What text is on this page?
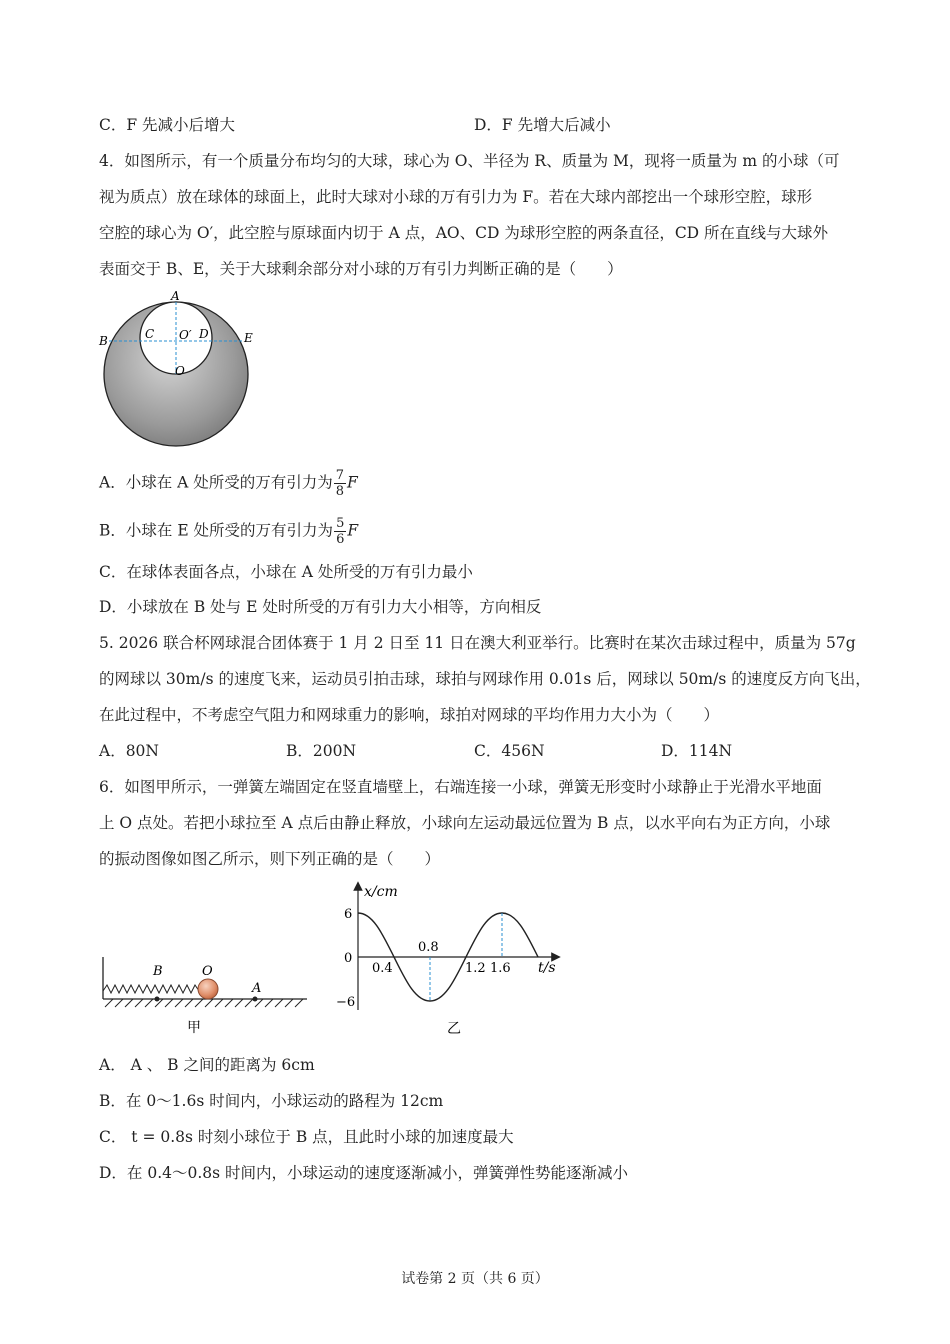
C．F 先减小后增大	D．F 先增大后减小
4．如图所示，有一个质量分布均匀的大球，球心为 O、半径为 R、质量为 M，现将一质量为 m 的小球（可
视为质点）放在球体的球面上，此时大球对小球的万有引力为 F。若在大球内部挖出一个球形空腔，球形
空腔的球心为 O′，此空腔与原球面内切于 A 点，AO、CD 为球形空腔的两条直径，CD 所在直线与大球外
表面交于 B、E，关于大球剩余部分对小球的万有引力判断正确的是（　　）
A
B	C O′ D	E
O
A．小球在 A 处所受的万有引力为 $\frac{7}{8}$ F
B．小球在 E 处所受的万有引力为 $\frac{5}{6}$ F
C．在球体表面各点，小球在 A 处所受的万有引力最小
D．小球放在 B 处与 E 处时所受的万有引力大小相等，方向相反
5. 2026 联合杯网球混合团体赛于 1 月 2 日至 11 日在澳大利亚举行。比赛时在某次击球过程中，质量为 57g
的网球以 30m/s 的速度飞来，运动员引拍击球，球拍与网球作用 0.01s 后，网球以 50m/s 的速度反方向飞出，
在此过程中，不考虑空气阻力和网球重力的影响，球拍对网球的平均作用力大小为（　　）
A．80N	B．200N	C．456N	D．114N
6．如图甲所示，一弹簧左端固定在竖直墙壁上，右端连接一小球，弹簧无形变时小球静止于光滑水平地面
上 O 点处。若把小球拉至 A 点后由静止释放，小球向左运动最远位置为 B 点，以水平向右为正方向，小球
的振动图像如图乙所示，则下列正确的是（　　）
B	O
A
甲
x/cm
6
0
−6
0.4
0.8
1.2 1.6 t/s
乙
A． A 、 B 之间的距离为 6cm
B．在 0～1.6s 时间内，小球运动的路程为 12cm
C． t = 0.8s 时刻小球位于 B 点，且此时小球的加速度最大
D．在 0.4～0.8s 时间内，小球运动的速度逐渐减小，弹簧弹性势能逐渐减小
试卷第 2 页（共 6 页）
